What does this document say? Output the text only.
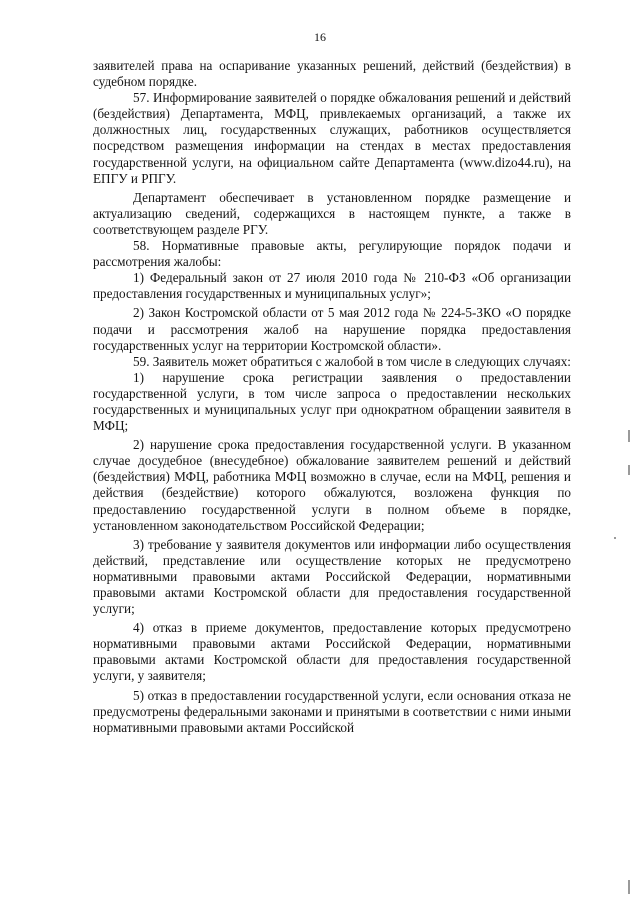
16

заявителей права на оспаривание указанных решений, действий (бездействия) в судебном порядке.

57. Информирование заявителей о порядке обжалования решений и действий (бездействия) Департамента, МФЦ, привлекаемых организаций, а также их должностных лиц, государственных служащих, работников осуществляется посредством размещения информации на стендах в местах предоставления государственной услуги, на официальном сайте Департамента (www.dizo44.ru), на ЕПГУ и РПГУ.

Департамент обеспечивает в установленном порядке размещение и актуализацию сведений, содержащихся в настоящем пункте, а также в соответствующем разделе РГУ.

58. Нормативные правовые акты, регулирующие порядок подачи и рассмотрения жалобы:

1) Федеральный закон от 27 июля 2010 года № 210-ФЗ «Об организации предоставления государственных и муниципальных услуг»;

2) Закон Костромской области от 5 мая 2012 года № 224-5-ЗКО «О порядке подачи и рассмотрения жалоб на нарушение порядка предоставления государственных услуг на территории Костромской области».

59. Заявитель может обратиться с жалобой в том числе в следующих случаях:

1) нарушение срока регистрации заявления о предоставлении государственной услуги, в том числе запроса о предоставлении нескольких государственных и муниципальных услуг при однократном обращении заявителя в МФЦ;

2) нарушение срока предоставления государственной услуги. В указанном случае досудебное (внесудебное) обжалование заявителем решений и действий (бездействия) МФЦ, работника МФЦ возможно в случае, если на МФЦ, решения и действия (бездействие) которого обжалуются, возложена функция по предоставлению государственной услуги в полном объеме в порядке, установленном законодательством Российской Федерации;

3) требование у заявителя документов или информации либо осуществления действий, представление или осуществление которых не предусмотрено нормативными правовыми актами Российской Федерации, нормативными правовыми актами Костромской области для предоставления государственной услуги;

4) отказ в приеме документов, предоставление которых предусмотрено нормативными правовыми актами Российской Федерации, нормативными правовыми актами Костромской области для предоставления государственной услуги, у заявителя;

5) отказ в предоставлении государственной услуги, если основания отказа не предусмотрены федеральными законами и принятыми в соответствии с ними иными нормативными правовыми актами Российской
